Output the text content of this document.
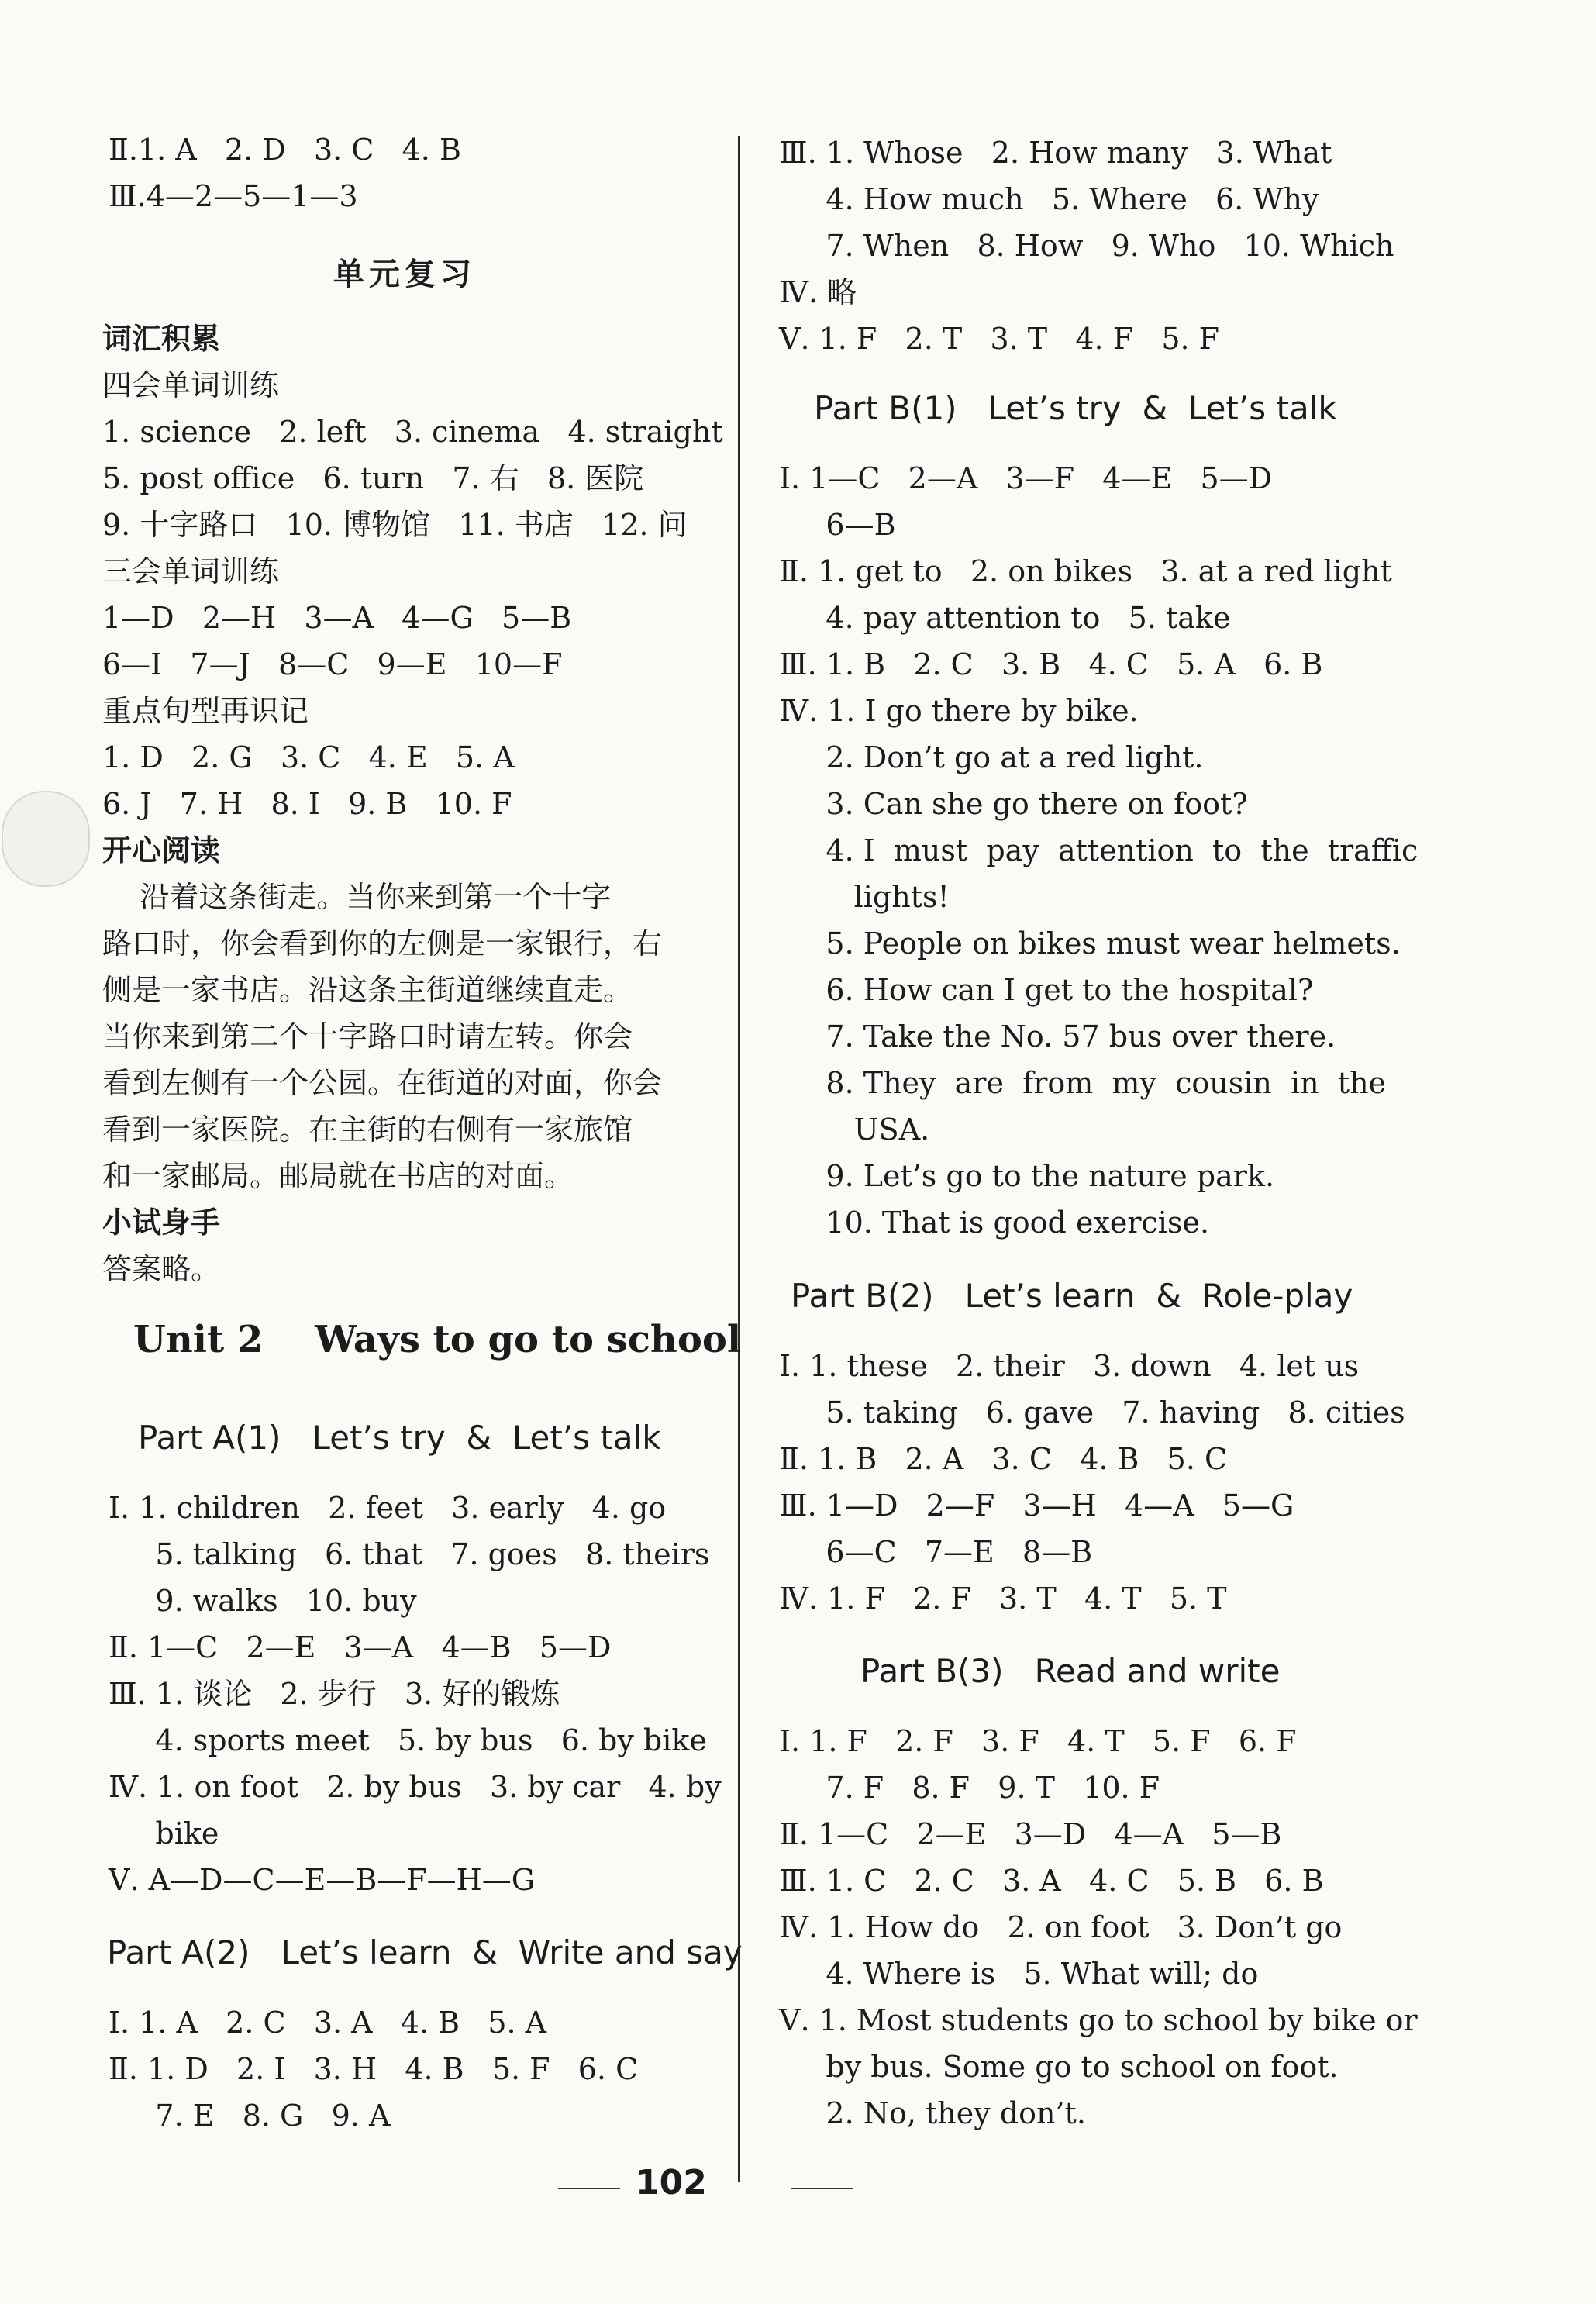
Ⅱ.1. A   2. D   3. C   4. B
Ⅲ.4—2—5—1—3
单元复习
词汇积累
四会单词训练
1. science   2. left   3. cinema   4. straight
5. post office   6. turn   7. 右   8. 医院
9. 十字路口   10. 博物馆   11. 书店   12. 问
三会单词训练
1—D   2—H   3—A   4—G   5—B
6—I   7—J   8—C   9—E   10—F
重点句型再识记
1. D   2. G   3. C   4. E   5. A
6. J   7. H   8. I   9. B   10. F
开心阅读
沿着这条街走。当你来到第一个十字
路口时，你会看到你的左侧是一家银行，右
侧是一家书店。沿这条主街道继续直走。
当你来到第二个十字路口时请左转。你会
看到左侧有一个公园。在街道的对面，你会
看到一家医院。在主街的右侧有一家旅馆
和一家邮局。邮局就在书店的对面。
小试身手
答案略。
Unit 2    Ways to go to school
Part A(1)   Let’s try  &  Let’s talk
Ⅰ. 1. children   2. feet   3. early   4. go
5. talking   6. that   7. goes   8. theirs
9. walks   10. buy
Ⅱ. 1—C   2—E   3—A   4—B   5—D
Ⅲ. 1. 谈论   2. 步行   3. 好的锻炼
4. sports meet   5. by bus   6. by bike
Ⅳ. 1. on foot   2. by bus   3. by car   4. by
bike
Ⅴ. A—D—C—E—B—F—H—G
Part A(2)   Let’s learn  &  Write and say
Ⅰ. 1. A   2. C   3. A   4. B   5. A
Ⅱ. 1. D   2. I   3. H   4. B   5. F   6. C
7. E   8. G   9. A
Ⅲ. 1. Whose   2. How many   3. What
4. How much   5. Where   6. Why
7. When   8. How   9. Who   10. Which
Ⅳ. 略
Ⅴ. 1. F   2. T   3. T   4. F   5. F
Part B(1)   Let’s try  &  Let’s talk
Ⅰ. 1—C   2—A   3—F   4—E   5—D
6—B
Ⅱ. 1. get to   2. on bikes   3. at a red light
4. pay attention to   5. take
Ⅲ. 1. B   2. C   3. B   4. C   5. A   6. B
Ⅳ. 1. I go there by bike.
2. Don’t go at a red light.
3. Can she go there on foot?
4. I  must  pay  attention  to  the  traffic
lights!
5. People on bikes must wear helmets.
6. How can I get to the hospital?
7. Take the No. 57 bus over there.
8. They  are  from  my  cousin  in  the
USA.
9. Let’s go to the nature park.
10. That is good exercise.
Part B(2)   Let’s learn  &  Role-play
Ⅰ. 1. these   2. their   3. down   4. let us
5. taking   6. gave   7. having   8. cities
Ⅱ. 1. B   2. A   3. C   4. B   5. C
Ⅲ. 1—D   2—F   3—H   4—A   5—G
6—C   7—E   8—B
Ⅳ. 1. F   2. F   3. T   4. T   5. T
Part B(3)   Read and write
Ⅰ. 1. F   2. F   3. F   4. T   5. F   6. F
7. F   8. F   9. T   10. F
Ⅱ. 1—C   2—E   3—D   4—A   5—B
Ⅲ. 1. C   2. C   3. A   4. C   5. B   6. B
Ⅳ. 1. How do   2. on foot   3. Don’t go
4. Where is   5. What will; do
Ⅴ. 1. Most students go to school by bike or
by bus. Some go to school on foot.
2. No, they don’t.
102
